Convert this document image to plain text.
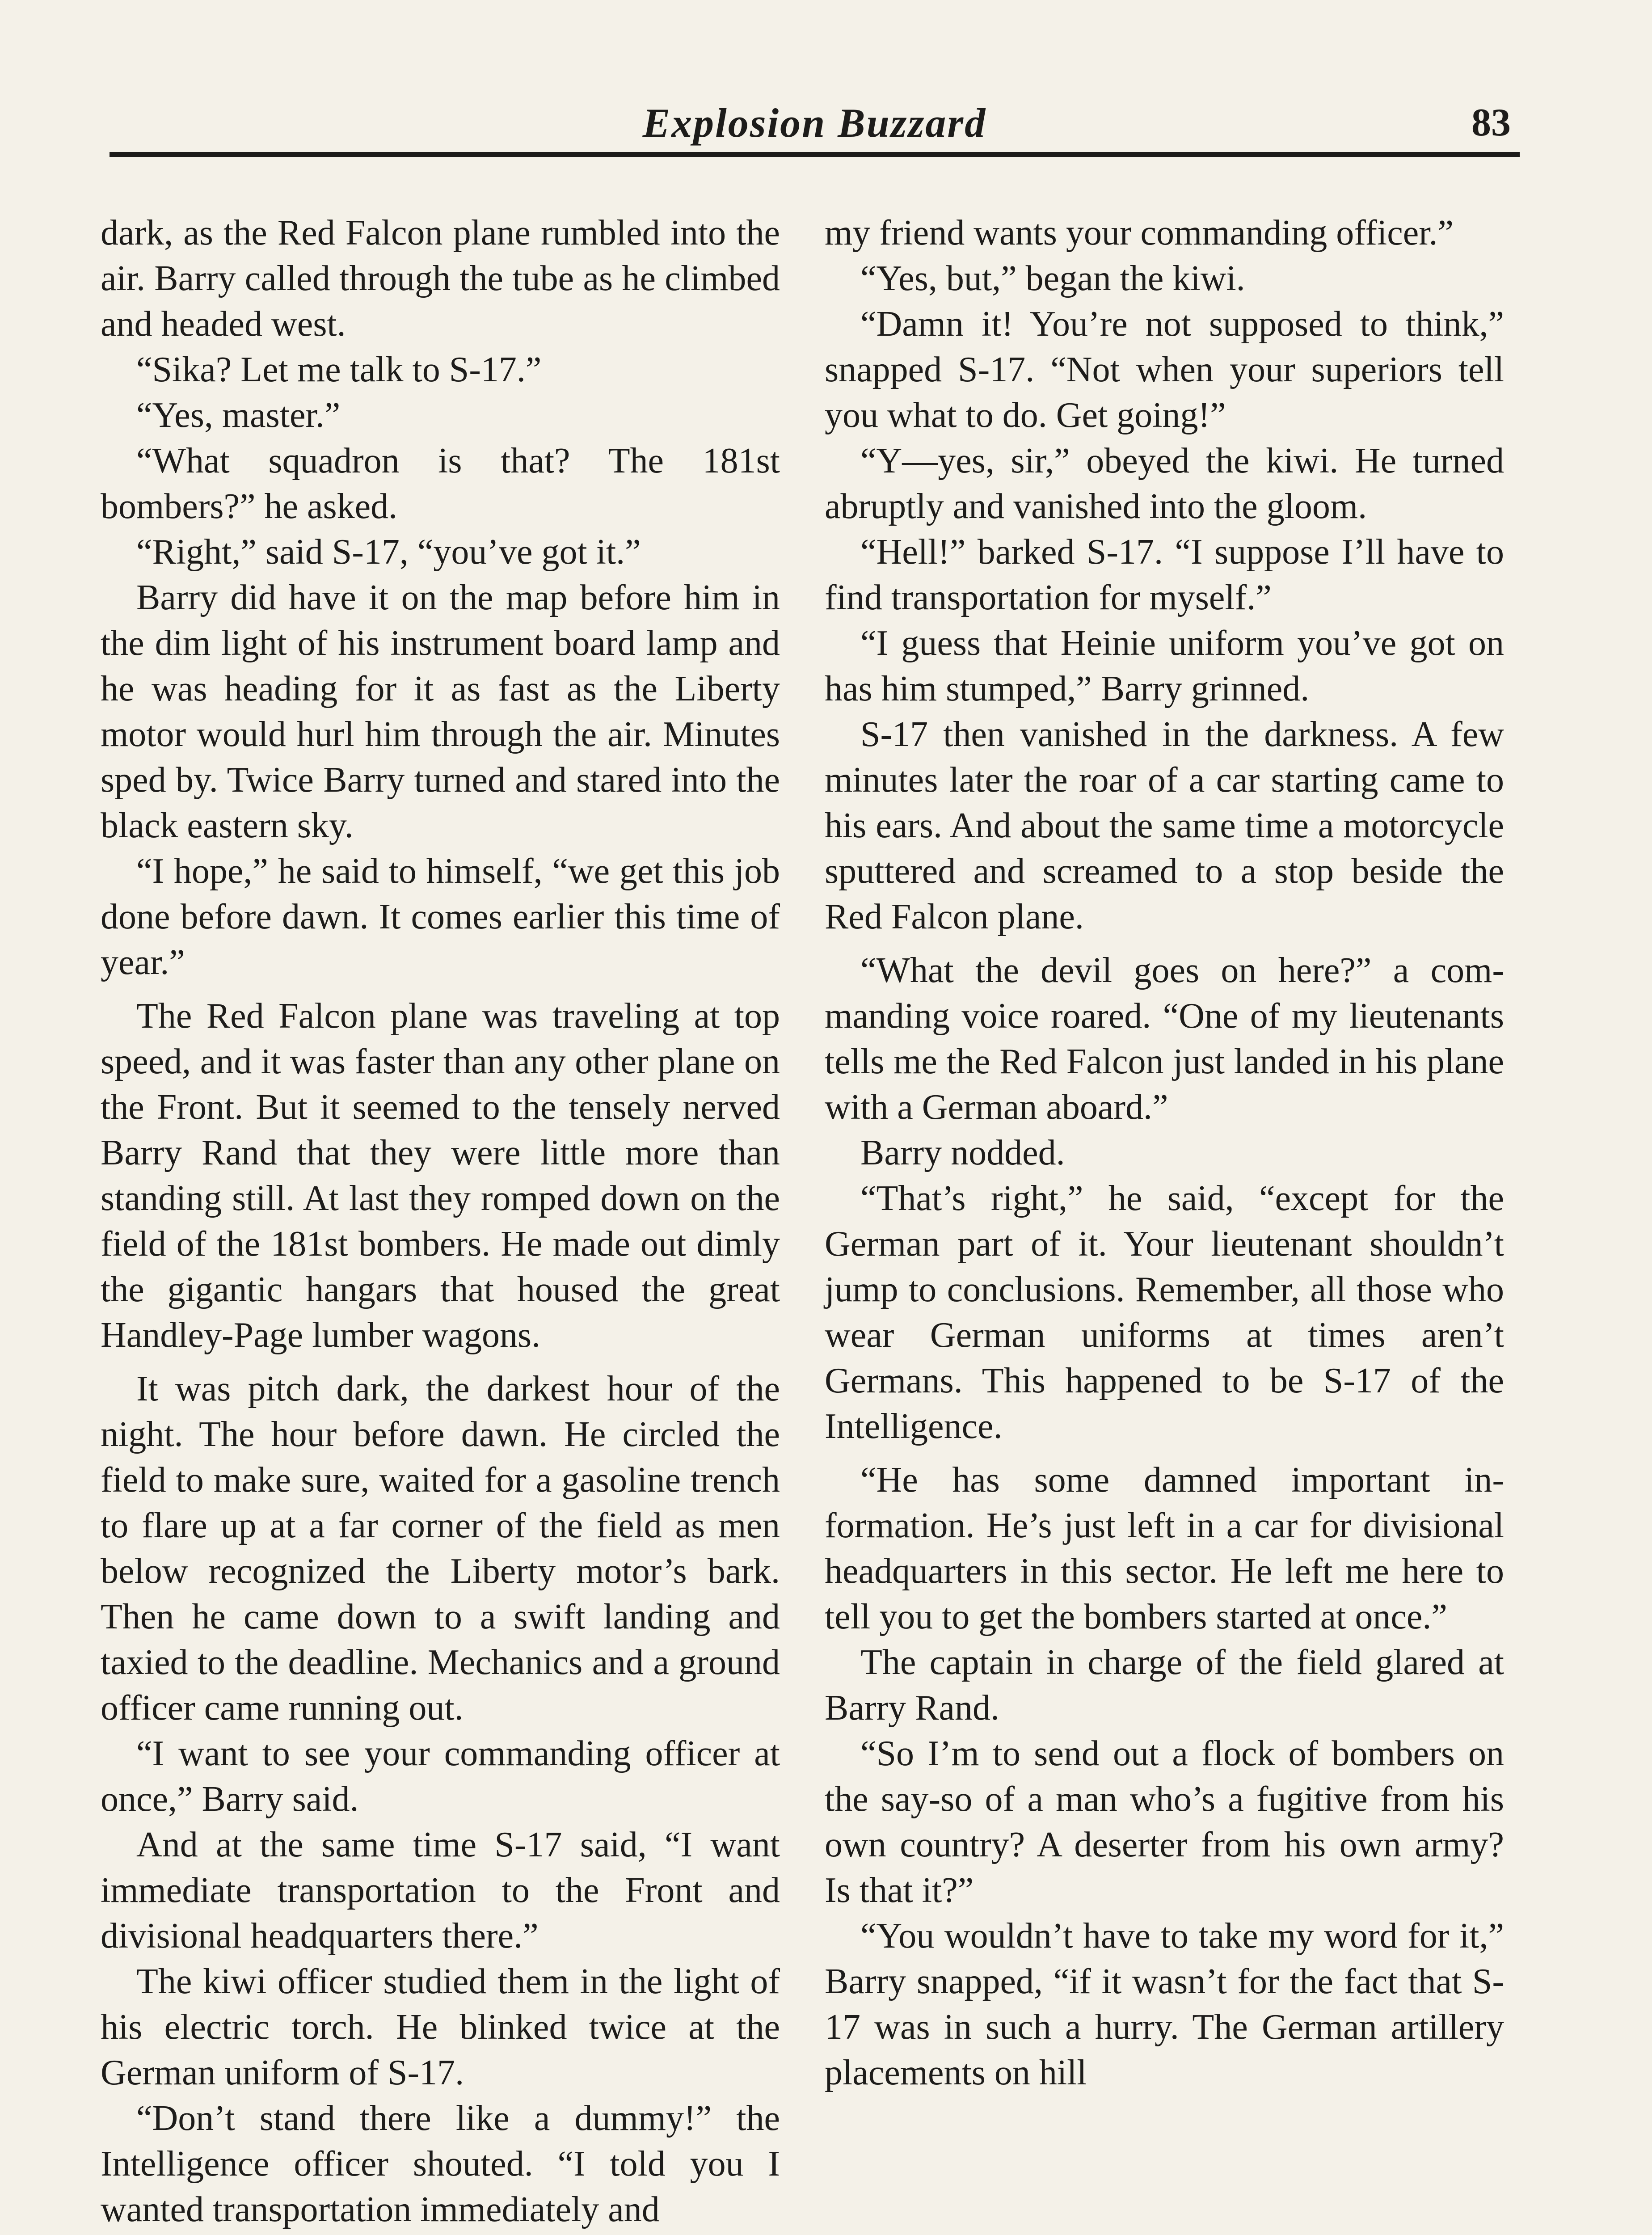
Explosion Buzzard	83

dark, as the Red Falcon plane rumbled into the air. Barry called through the tube as he climbed and headed west.

“Sika? Let me talk to S-17.”

“Yes, master.”

“What squadron is that? The 181st bombers?” he asked.

“Right,” said S-17, “you’ve got it.”

Barry did have it on the map before him in the dim light of his instrument board lamp and he was heading for it as fast as the Liberty motor would hurl him through the air. Minutes sped by. Twice Barry turned and stared into the black eastern sky.

“I hope,” he said to himself, “we get this job done before dawn. It comes earlier this time of year.”

The Red Falcon plane was traveling at top speed, and it was faster than any other plane on the Front. But it seemed to the tensely nerved Barry Rand that they were little more than standing still. At last they romped down on the field of the 181st bombers. He made out dimly the gigantic hangars that housed the great Handley-Page lumber wagons.

It was pitch dark, the darkest hour of the night. The hour before dawn. He circled the field to make sure, waited for a gasoline trench to flare up at a far corner of the field as men below recognized the Liberty motor’s bark. Then he came down to a swift landing and taxied to the deadline. Mechanics and a ground officer came running out.

“I want to see your commanding officer at once,” Barry said.

And at the same time S-17 said, “I want immediate transportation to the Front and divisional headquarters there.”

The kiwi officer studied them in the light of his electric torch. He blinked twice at the German uniform of S-17.

“Don’t stand there like a dummy!” the Intelligence officer shouted. “I told you I wanted transportation immediately and

my friend wants your commanding officer.”

“Yes, but,” began the kiwi.

“Damn it! You’re not supposed to think,” snapped S-17. “Not when your superiors tell you what to do. Get going!”

“Y—yes, sir,” obeyed the kiwi. He turned abruptly and vanished into the gloom.

“Hell!” barked S-17. “I suppose I’ll have to find transportation for myself.”

“I guess that Heinie uniform you’ve got on has him stumped,” Barry grinned.

S-17 then vanished in the darkness. A few minutes later the roar of a car starting came to his ears. And about the same time a motorcycle sputtered and screamed to a stop beside the Red Falcon plane.

“What the devil goes on here?” a commanding voice roared. “One of my lieutenants tells me the Red Falcon just landed in his plane with a German aboard.”

Barry nodded.

“That’s right,” he said, “except for the German part of it. Your lieutenant shouldn’t jump to conclusions. Remember, all those who wear German uniforms at times aren’t Germans. This happened to be S-17 of the Intelligence.

“He has some damned important information. He’s just left in a car for divisional headquarters in this sector. He left me here to tell you to get the bombers started at once.”

The captain in charge of the field glared at Barry Rand.

“So I’m to send out a flock of bombers on the say-so of a man who’s a fugitive from his own country? A deserter from his own army? Is that it?”

“You wouldn’t have to take my word for it,” Barry snapped, “if it wasn’t for the fact that S-17 was in such a hurry. The German artillery placements on hill
